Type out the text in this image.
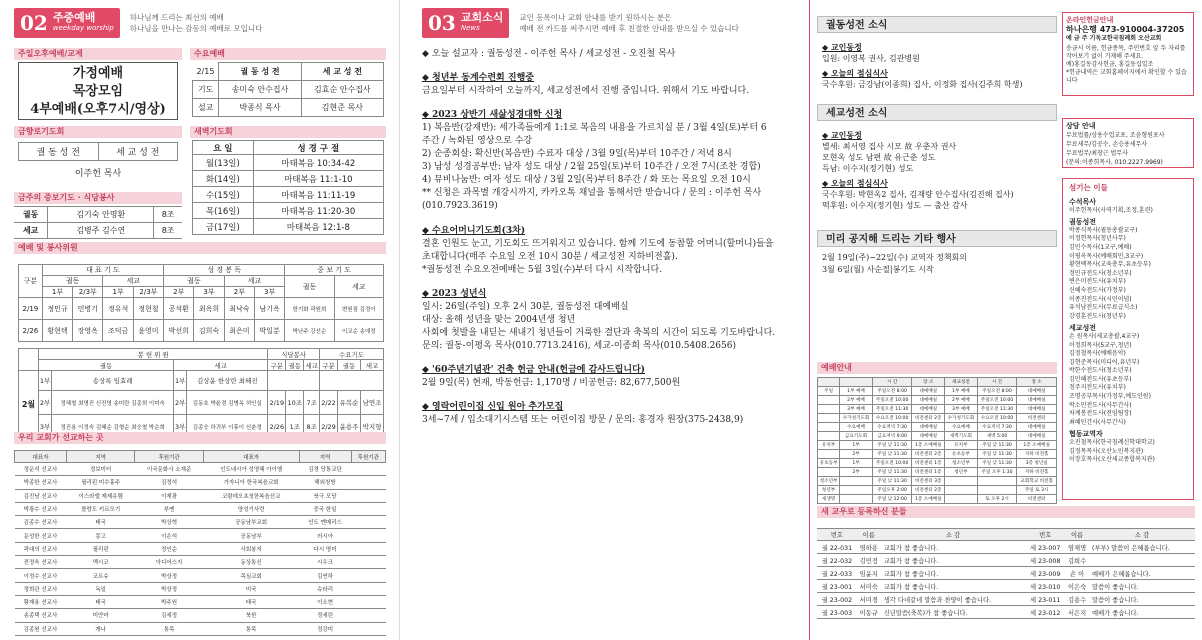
02 주중예배
weekday worship
하나님께 드리는 최선의 예배
하나님을 만나는 감동의 예배로 모입니다
주일오후예배/교제
가정예배
목장모임
4부예배(오후7시/영상)
수요예배
2/15	궐 동 성 전	세 교 성 전
기도	송미숙 안수집사	김효순 안수집사
설교	박종식 목사	김현준 목사
금향로기도회
궐 동 성 전	세 교 성 전
이주헌 목사
새벽기도회
요 일	성 경 구 절
월(13일)	마태복음 10:34-42
화(14일)	마태복음 11:1-10
수(15일)	마태복음 11:11-19
목(16일)	마태복음 11:20-30
금(17일)	마태복음 12:1-8
금주의 중보기도 · 식당봉사
궐동	김기숙 안명환	8조
세교	김병주 김수연	8조
예배 및 봉사위원
구분	대 표 기 도				성 경 봉 독				중 보 기 도	
	궐동		세교		궐동		세교		궐동	세교
	1부	2/3부	1부	2/3부	2부	3부	2부	3부		
2/19	정민규	민병기	정유석	정현철	공석환	최옥희	최낙숙	남기옥	한기화 곽원희	변원점 김정이
2/26	황현택	장영옥	조덕금	윤영미	박선희	김희숙	최은미	박일분	박난주 강선순	이교순 송애정
	봉 헌 위 원				식당봉사			수요기도		
	궐동		세교		구분	궐동	세교	구분	궐동	세교
2월	1부	송상록 임효례	1부	김상윤 한상란 최혜진						
	2부	정혜철 최명진 신진영 송미란 김종희 이미숙	2부	김동호 박윤경 김병옥 허인실	2/19	10조	7조	2/22	유복순	남연조
	3부	정진용 이정숙 김혜순 김형순 최승철 박순희	3부	김종승 하귀부 이휴이 신춘정	2/26	1조	8조	2/29	윤용주	박지형
우리 교회가 선교하는 곳
대표자	지역	후원기관	대표자	지역	후원기관
정운석 선교사	정보미터	이국문화사 소재준	인도네시아 성영혜 아이엠	김경 당통교단	
박종한 선교사	필리핀 미수홍주	김정석	가자니아 한국복음교회	해외청방	
김진남 선교사	이스라엘 제제유램	이재광	코람데오초청한복음선교	북극 모당	
박광수 선교사	몰랑도 키르모기	부멘	양성기사련	중국 한일	
김종수 선교사	태국	박상혁	공동남부교회	인도 멘메리스	
문성한 선교사	몽고	이은석	공동남부	러시아	
곽대의 선교사	필리핀	정인순	사회봉지	다시 명미	
전정욱 선교사	멕시코	아디어스지	동상통신	시우크	
이정수 선교사	코르슈	박상정	목심교회	김연하	
정희관 선교사	독일	박상정	미국	슈라리	
황재용 선교사	태국	박주원	태국	이소현	
송종택 선교사	미얀마	김세정	북한	정세린	
김종원 선교사	캐나	통목	통목	정강미	
03 교회소식
News
교인 등록이나 교회 안내를 받기 원하시는 분은
예배 전 카드를 써주시면 예배 후 친절한 안내를 받으실 수 있습니다

◆ 오늘 설교자 : 궐동성전 - 이주헌 목사 / 세교성전 - 오진철 목사

◆ 청년부 동계수련회 진행중

금요일부터 시작하여 오늘까지, 세교성전에서 진행 중입니다. 위해서 기도 바랍니다.

◆ 2023 상반기 새삶성경대학 신청

1) 복음반(강재반): 세가족들에게 1:1로 복음의 내용을 가르치실 분 / 3월 4일(토)부터 6

주간 / 녹화된 영상으로 수강

2) 순종회살: 확신반(복음반) 수료자 대상 / 3월 9일(목)부터 10주간 / 저녁 8시

3) 남성 성경공부반: 남자 성도 대상 / 2월 25일(토)부터 10주간 / 오전 7시(조찬 경합)

4) 뮤비나눔반: 여자 성도 대상 / 3월 2일(목)부터 8주간 / 화 또는 목요일 오전 10시

** 신청은 과목별 개강시까지, 카카오톡 채널을 통해서만 받습니다 / 문의 : 이주헌 목사

(010.7923.3619)

◆ 수요어머니기도회(3차)

결혼 인원도 눈고, 기도회도 뜨거워지고 있습니다. 함께 기도에 동참할 어머니(할머니)들을

초대합니다(매주 수요일 오전 10시 30분 / 세교성전 지하비전홀).

*궐동성전 수요오전예배는 5월 3일(수)부터 다시 시작합니다.

◆ 2023 성년식

일시: 26일(주일) 오후 2시 30분, 궐동성전 대예배실

대상: 올해 성년을 맞는 2004년생 청년

사회에 첫발을 내딛는 새내기 청년들이 거룩한 결단과 축복의 시간이 되도록 기도바랍니다.

문의: 궐동-이평옥 목사(010.7713.2416), 세교-이종희 목사(010.5408.2656)

◆ '60주년기념관' 건축 헌금 안내(헌금에 감사드립니다)

2월 9일(목) 현재, 박동헌금: 1,170명 / 비공헌금: 82,677,500원

◆ 영락어린이집 신입 원아 추가모집

3세~7세 / 입소대기시스템 또는 어린이집 방문 / 문의: 홍경자 원장(375-2438,9)

궐동성전 소식
◆ 교인동정

입원: 이영복 권사, 김관병원

◆ 오늘의 점심식사

국수후원: 금강남(이종희) 집사, 이정화 집사(김주희 학생)

세교성전 소식
◆ 교인동정

별세: 최서영 집사 시모 故 우춘자 권사

모현옥 성도 남편 故 유근춘 성도

득남: 이수지(정기현) 성도

◆ 오늘의 점심식사

국수후원: 박현옥2 집사, 김재량 안수집사(김진해 집사)

떡후원: 이수지(정기현) 성도 — 출산 감사

미리 공지해 드리는 기타 행사

2월 19일(주)~22일(수) 교역자 정책회의

3월 6일(월) 사순절|봉기도 시작

온라인헌금안내
하나은행 473-910004-37205
예 금 주 기독교한국침례회 오산교회
송금시 이름, 헌금종목, 주민번호 앞 두 자리를
작어보기 없이 기재해 주세요.
예)홍길동감사헌금, 홍길동십일조
*헌금내역은 교회홈페이지에서 확인할 수 있습니다
상담 안내
무료법률/상용수업교포, 조윤형원포사
무료세무/김공수, 손승용세무사
무료법무/최창근 법무사
(문의:이종희목사, 010.2227.9969)
섬기는 이들
수석목사
이주헌목사(사역기획,조정,훈련)
궐동성전
박종식목사(궐동총괄교구)
이정헌목사(청년사무)
김민수목사(1교구,예배)
이평옥목사(예배회민,3교구)
황현택목사(교육총무,유초등부)
정민규전도사(청소년부)
변은미전도사(유치부)
신혜숙전도사(가정부)
이종진전도사(시민이념)
유석남전도사(무료급식소)
강경훈전도사(청년부)
세교성전
손 원목사(세교총괄,4교구)
이정희목사(5교구,청년)
김정철목사(예배음악)
김현준목사(미디어,유년부)
박한수전도사(청소년부)
김민혜전도사(유초등부)
정주지전도사(유치부)
조명공부목사(가정부,예도인원)
박소민전도사(사무간사)
차계봉전도사(전임팀장)
최혜인간사(사무간사)
협동교역자
오진철목사(한국침례신학대학교)
김정목목사(오산노인복지관)
이장호목사(오산세교종합복지관)
예배안내
		시 간	장 소	세교성전	시 간	장 소
주일	1부 예배	주일오전 8:00	대예배실	1부 예배	주일오전 8:00	대예배실
	2부 예배	주일오전 10:00	대예배실	2부 예배	주일오전 10:00	대예배실
	3부 예배	주일오전 11:30	대예배실	3부 예배	주일오전 11:30	대예배실
	수가성기도회	수요오전 10:00	비전센터 2층	수가성기도회	수요오전 10:00	비전센터
	수요예배	수요저녁 7:30	대예배실	수요예배	수요저녁 7:30	대예배실
	금요기도회	금요저녁 9:00	대예배실	새벽기도회	새벽 5:00	대예배실
유치부	1부	주일 낮 11:30	1층 소예배실	유치부	주일 낮 11:30	1층 소예배실
	2부	주일 낮 11:30	비전센터 2층	유초등부	주일 낮 11:30	지하 비전홀
유초등부	1부	주일오전 10:00	비전센터 1층	청소년부	주일 낮 11:30	3층 청년실
	2부	주일 낮 11:30	비전센터 1층	청년부	주일 오후 1:30	지하 비전홀
청소년부		주일 낮 11:30	비전센터 3층			교회학교 비전홀
청년부		주일오후 2:00	비전센터 2층			주일 토 3시
새생명		주일 낮 12:00	1층 소예배실		토 오후 2시	비전센터
새 교우로 등록하신 분들
번호	이름	소 감	번호	이름	소 감
궐 22-031	염하용	교회가 참 좋습니다.	세 23-007	염재명	(부부) 말씀이 은혜롭습니다.
궐 22-032	김민정	교회가 참 좋습니다.	세 23-008	김희수	
궐 22-033	임윤지	교회가 참 좋습니다.	세 23-009	손 이	예배가 은혜롭습니다.
궐 23-001	서미숙	교회가 참 좋습니다.	세 23-010	이은숙	말씀이 좋습니다.
궐 23-002	서미경	생각 다네같네 말씀과 찬양이 좋습니다.	세 23-011	김용수	말씀이 좋습니다.
궐 23-003	이동규	신년말씀(축복)가 참 좋습니다.	세 23-012	서은지	예배가 좋습니다.
